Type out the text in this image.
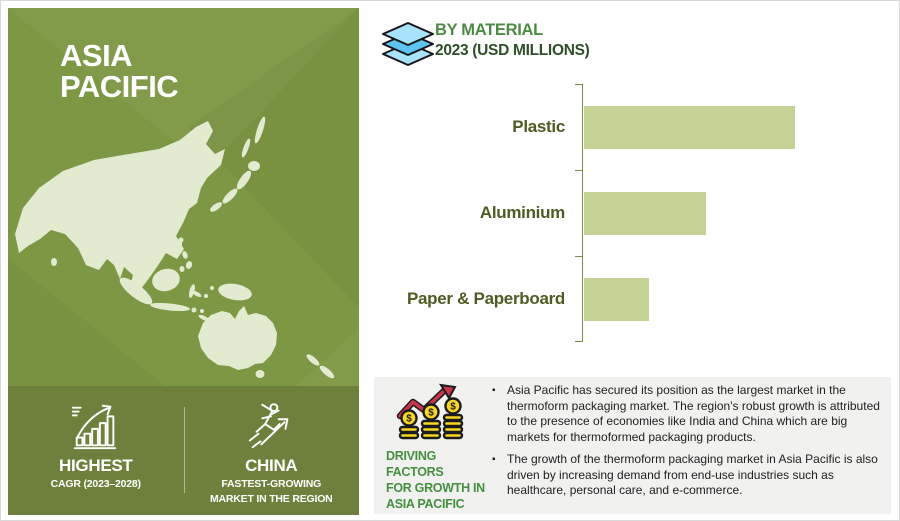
ASIA
PACIFIC
HIGHEST
CAGR (2023–2028)
CHINA
FASTEST-GROWING
MARKET IN THE REGION
BY MATERIAL
2023 (USD MILLIONS)
Plastic
Aluminium
Paper & Paperboard
$
$
$
DRIVING FACTORS
FOR GROWTH IN
ASIA PACIFIC
▪ Asia Pacific has secured its position as the largest market in the thermoform packaging market. The region's robust growth is attributed to the presence of economies like India and China which are big markets for thermoformed packaging products.
▪ The growth of the thermoform packaging market in Asia Pacific is also driven by increasing demand from end-use industries such as healthcare, personal care, and e-commerce.
